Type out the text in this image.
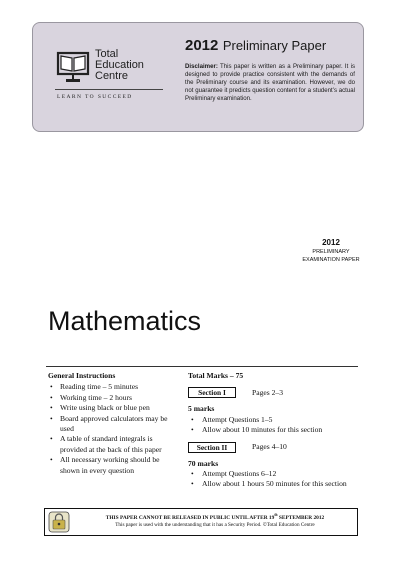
Total
Education
Centre
LEARN TO SUCCEED
2012 Preliminary Paper
Disclaimer: This paper is written as a Preliminary paper. It is designed to provide practice consistent with the demands of the Preliminary course and its examination. However, we do not guarantee it predicts question content for a student’s actual Preliminary examination.
2012
PRELIMINARY
EXAMINATION PAPER
Mathematics
General Instructions
• Reading time – 5 minutes
• Working time – 2 hours
• Write using black or blue pen
• Board approved calculators may be used
• A table of standard integrals is provided at the back of this paper
• All necessary working should be shown in every question
Total Marks – 75
Section I	Pages 2–3
5 marks
• Attempt Questions 1–5
• Allow about 10 minutes for this section
Section II	Pages 4–10
70 marks
• Attempt Questions 6–12
• Allow about 1 hours 50 minutes for this section
THIS PAPER CANNOT BE RELEASED IN PUBLIC UNTIL AFTER 19th SEPTEMBER 2012
This paper is used with the understanding that it has a Security Period. ©Total Education Centre
